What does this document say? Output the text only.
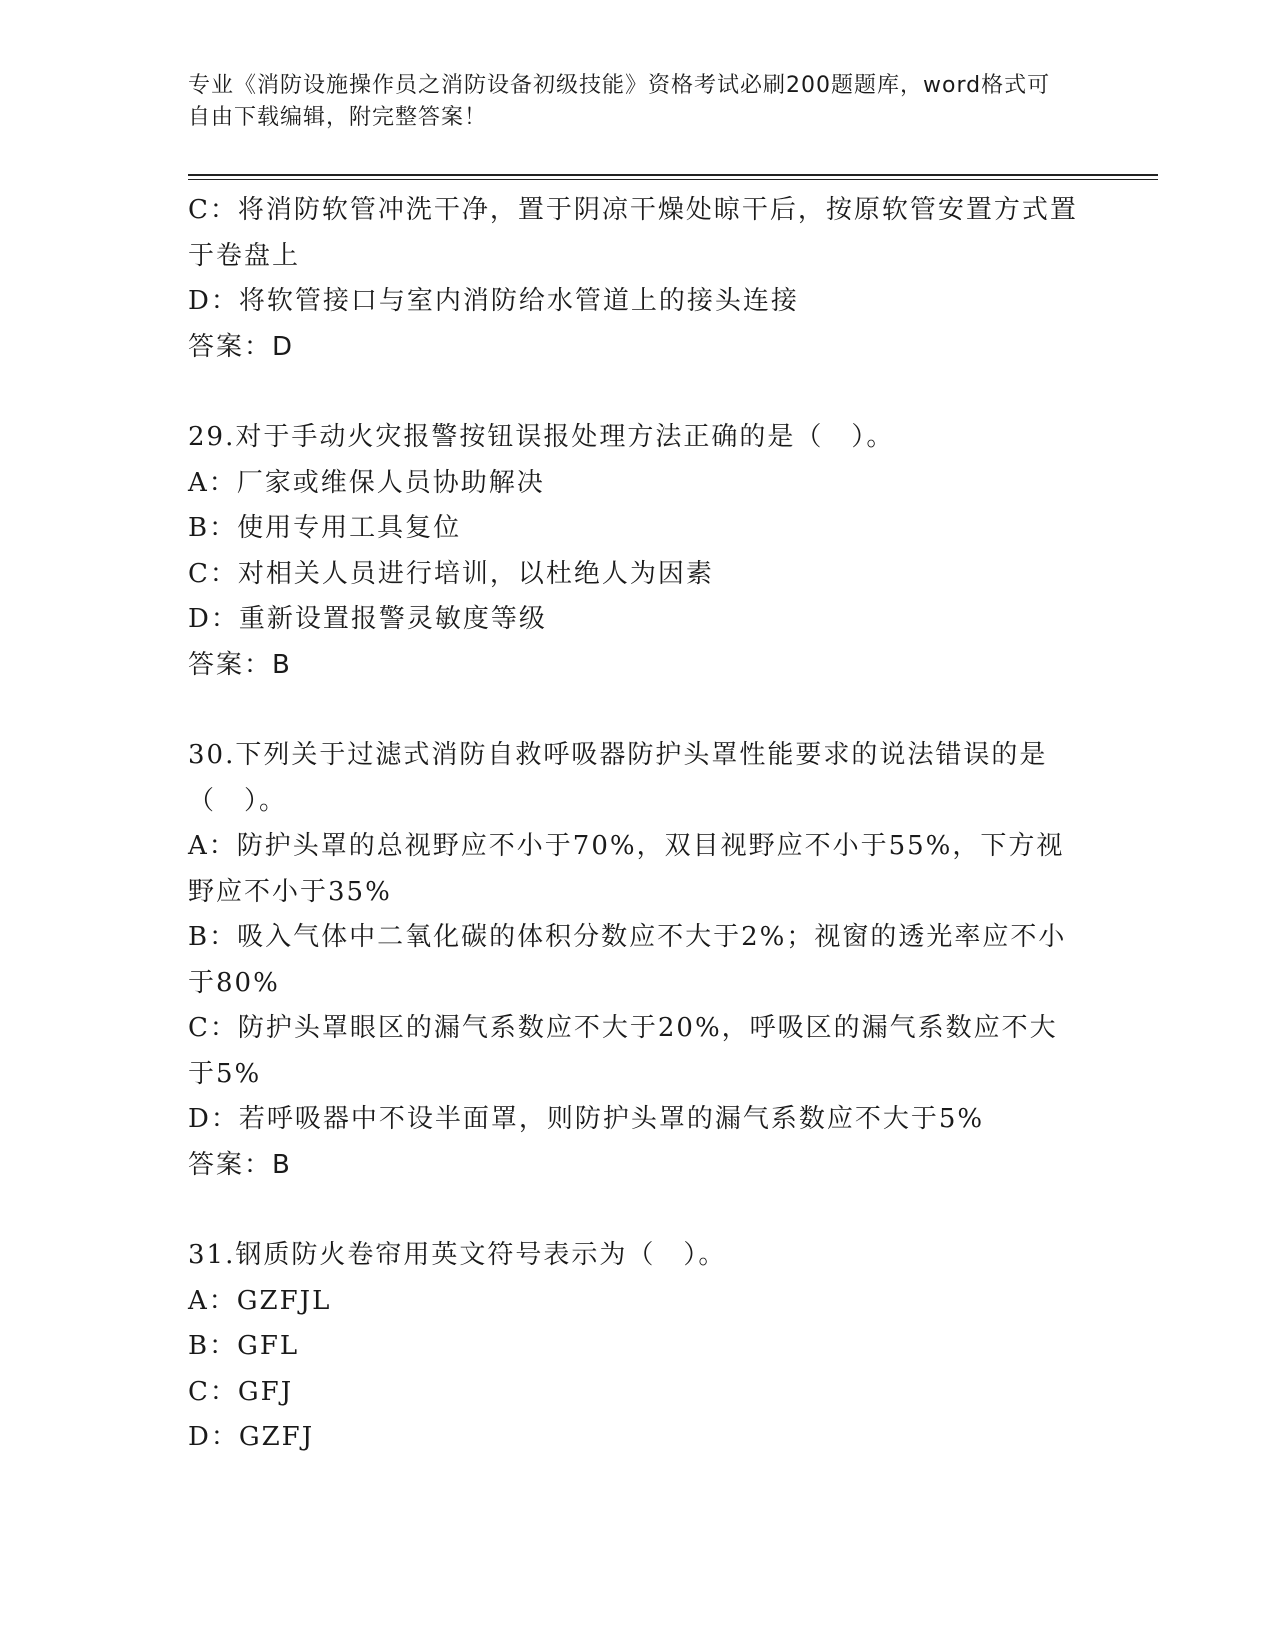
专业《消防设施操作员之消防设备初级技能》资格考试必刷200题题库，word格式可自由下载编辑，附完整答案！

C：将消防软管冲洗干净，置于阴凉干燥处晾干后，按原软管安置方式置于卷盘上

D：将软管接口与室内消防给水管道上的接头连接

答案：D

29.对于手动火灾报警按钮误报处理方法正确的是（　）。

A：厂家或维保人员协助解决

B：使用专用工具复位

C：对相关人员进行培训，以杜绝人为因素

D：重新设置报警灵敏度等级

答案：B

30.下列关于过滤式消防自救呼吸器防护头罩性能要求的说法错误的是（　）。

A：防护头罩的总视野应不小于70%，双目视野应不小于55%，下方视野应不小于35%

B：吸入气体中二氧化碳的体积分数应不大于2%；视窗的透光率应不小于80%

C：防护头罩眼区的漏气系数应不大于20%，呼吸区的漏气系数应不大于5%

D：若呼吸器中不设半面罩，则防护头罩的漏气系数应不大于5%

答案：B

31.钢质防火卷帘用英文符号表示为（　）。

A：GZFJL

B：GFL

C：GFJ

D：GZFJ
